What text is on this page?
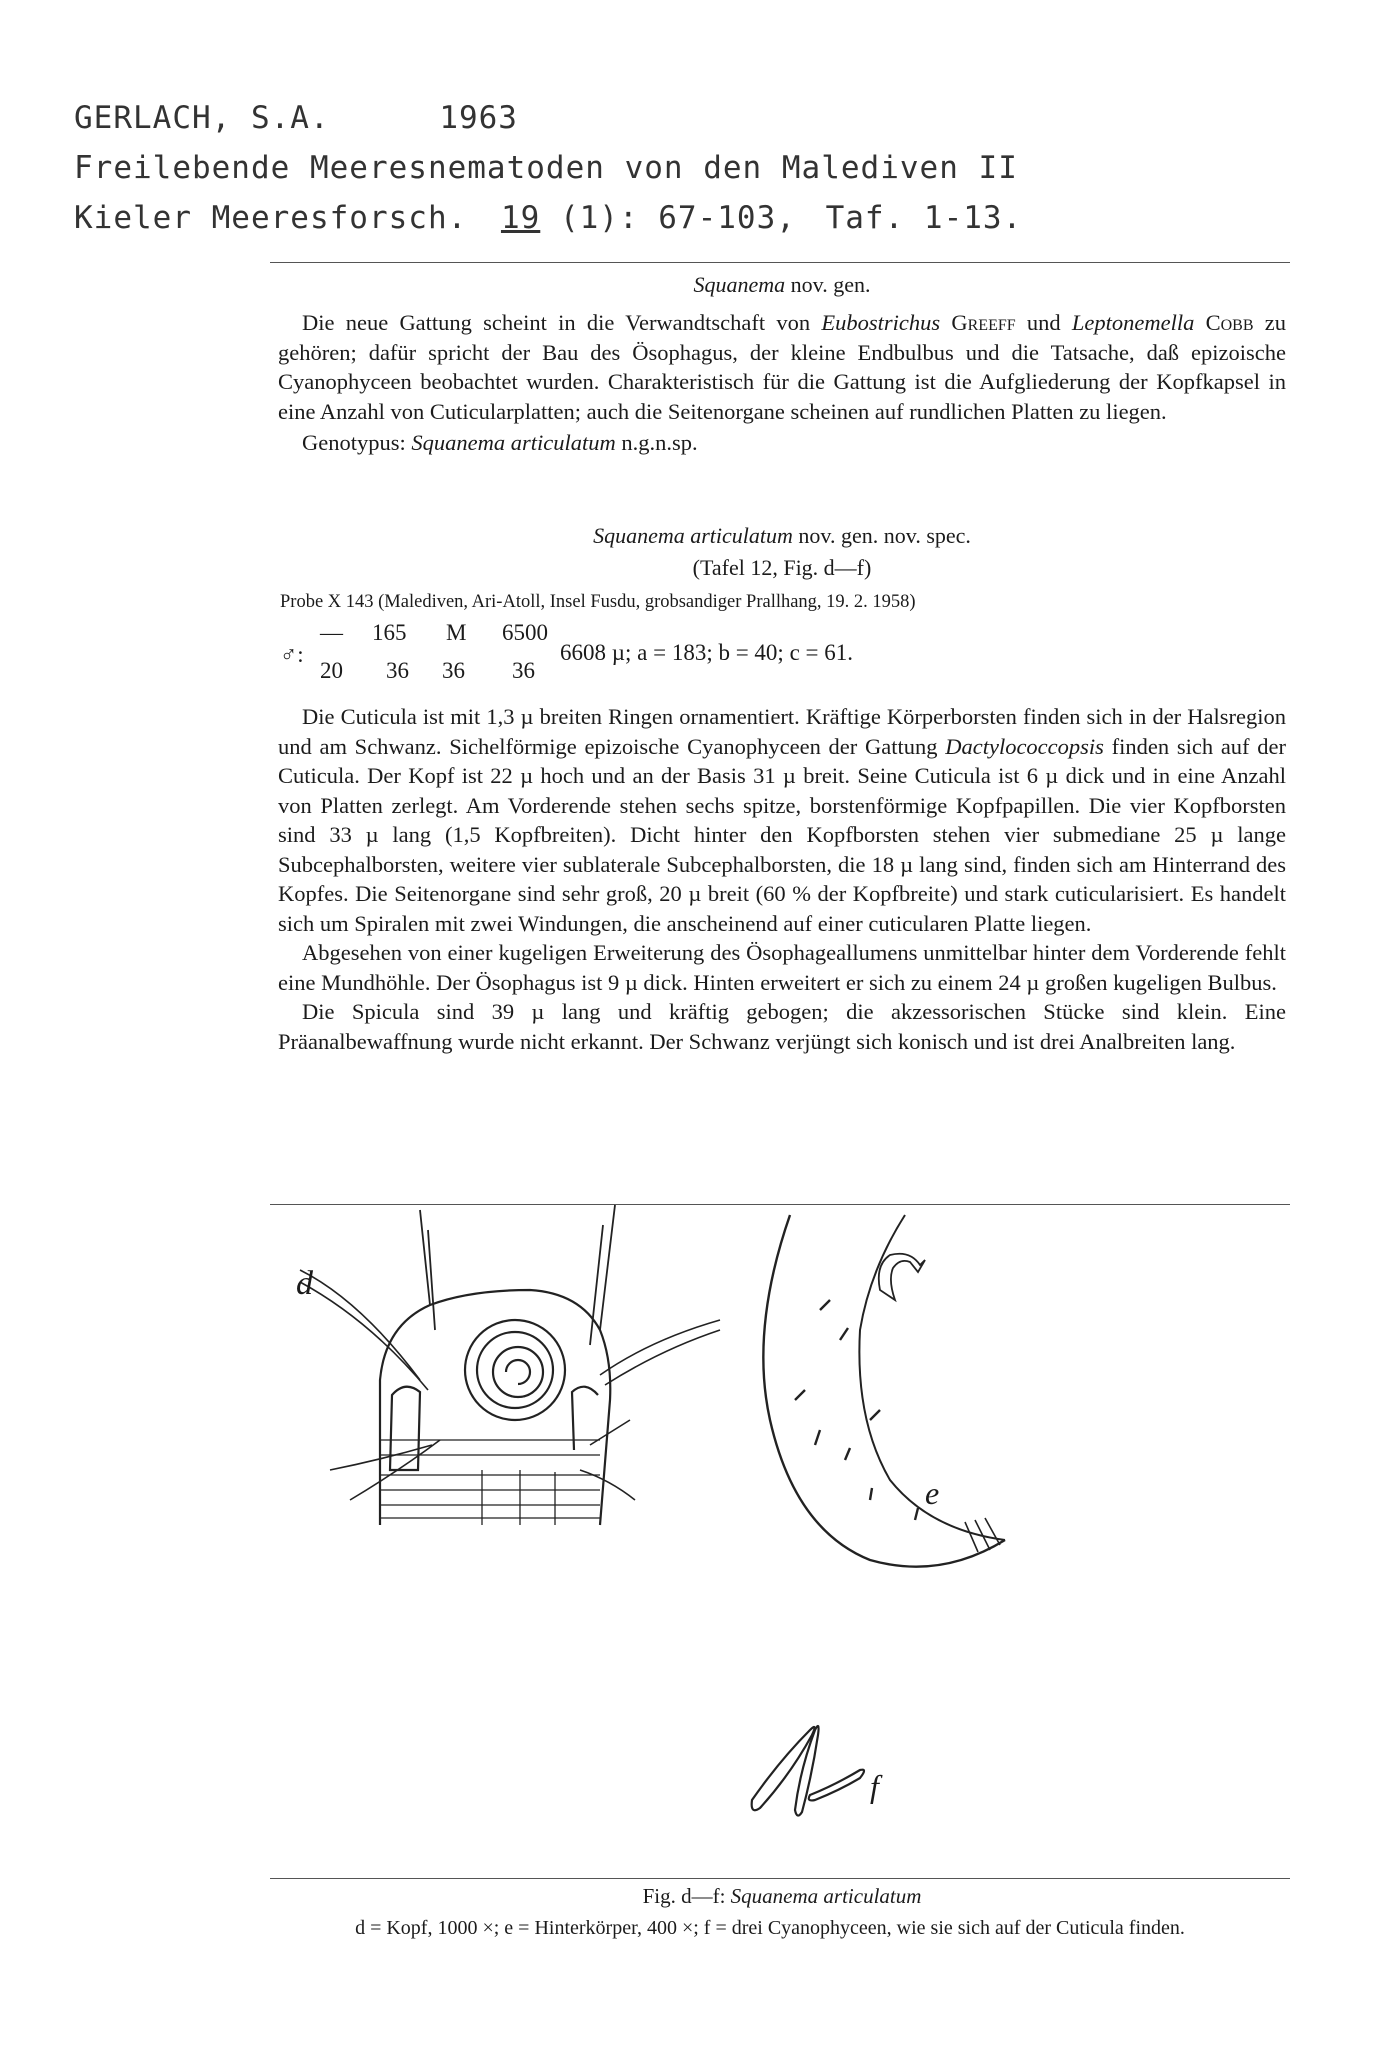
GERLACH, S.A.	1963
Freilebende Meeresnematoden von den Malediven II
Kieler Meeresforsch. 19 (1): 67-103, Taf. 1-13.
Squanema nov. gen.

Die neue Gattung scheint in die Verwandtschaft von Eubostrichus Greeff und Leptonemella Cobb zu gehören; dafür spricht der Bau des Ösophagus, der kleine Endbulbus und die Tatsache, daß epizoische Cyanophyceen beobachtet wurden. Charakteristisch für die Gattung ist die Aufgliederung der Kopfkapsel in eine Anzahl von Cuticularplatten; auch die Seitenorgane scheinen auf rundlichen Platten zu liegen.

Genotypus: Squanema articulatum n.g.n.sp.

Squanema articulatum nov. gen. nov. spec.
(Tafel 12, Fig. d—f)
Probe X 143 (Malediven, Ari-Atoll, Insel Fusdu, grobsandiger Prallhang, 19. 2. 1958)
♂:
— 165 M 6500
20 36 36 36
6608 µ; a = 183; b = 40; c = 61.

Die Cuticula ist mit 1,3 µ breiten Ringen ornamentiert. Kräftige Körperborsten finden sich in der Halsregion und am Schwanz. Sichelförmige epizoische Cyanophyceen der Gattung Dactylococcopsis finden sich auf der Cuticula. Der Kopf ist 22 µ hoch und an der Basis 31 µ breit. Seine Cuticula ist 6 µ dick und in eine Anzahl von Platten zerlegt. Am Vorderende stehen sechs spitze, borstenförmige Kopfpapillen. Die vier Kopfborsten sind 33 µ lang (1,5 Kopfbreiten). Dicht hinter den Kopfborsten stehen vier submediane 25 µ lange Subcephalborsten, weitere vier sublaterale Subcephalborsten, die 18 µ lang sind, finden sich am Hinterrand des Kopfes. Die Seitenorgane sind sehr groß, 20 µ breit (60 % der Kopfbreite) und stark cuticularisiert. Es handelt sich um Spiralen mit zwei Windungen, die anscheinend auf einer cuticularen Platte liegen.

Abgesehen von einer kugeligen Erweiterung des Ösophageallumens unmittelbar hinter dem Vorderende fehlt eine Mundhöhle. Der Ösophagus ist 9 µ dick. Hinten erweitert er sich zu einem 24 µ großen kugeligen Bulbus.

Die Spicula sind 39 µ lang und kräftig gebogen; die akzessorischen Stücke sind klein. Eine Präanalbewaffnung wurde nicht erkannt. Der Schwanz verjüngt sich konisch und ist drei Analbreiten lang.

d
e
f
Fig. d—f: Squanema articulatum
d = Kopf, 1000 ×; e = Hinterkörper, 400 ×; f = drei Cyanophyceen, wie sie sich auf der Cuticula finden.
